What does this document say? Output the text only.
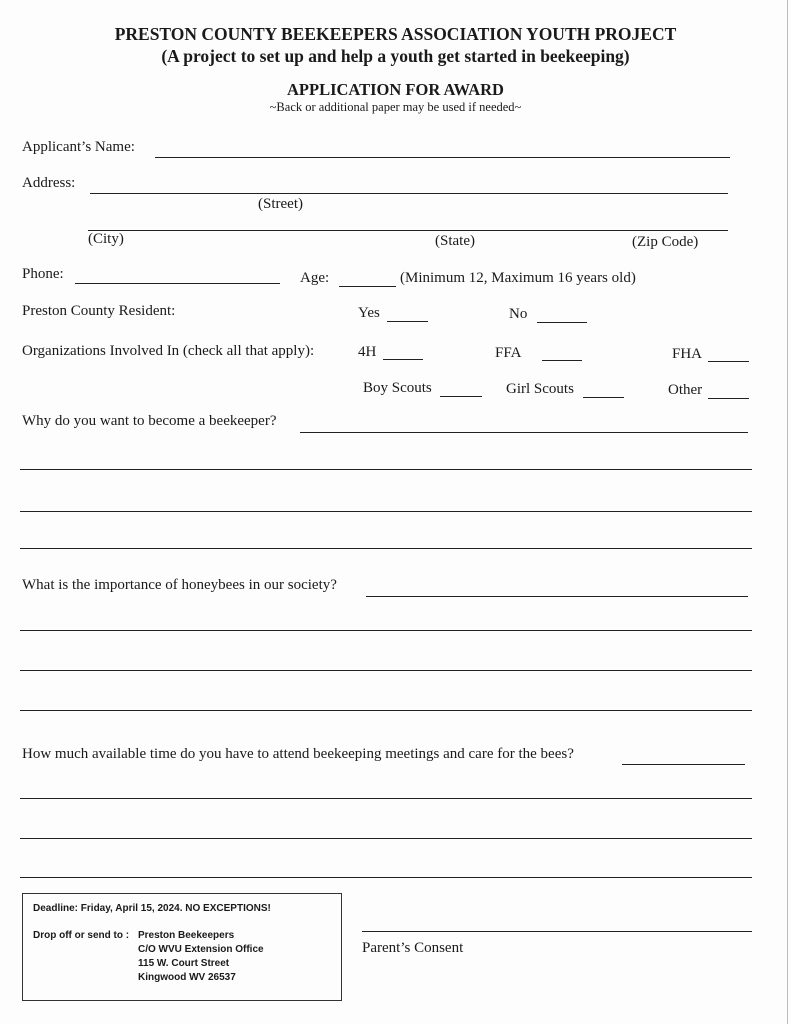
PRESTON COUNTY BEEKEEPERS ASSOCIATION YOUTH PROJECT
(A project to set up and help a youth get started in beekeeping)
APPLICATION FOR AWARD
~Back or additional paper may be used if needed~
Applicant’s Name:
Address:
(Street)
(City)	(State)	(Zip Code)
Phone:	Age:	(Minimum 12, Maximum 16 years old)
Preston County Resident:	Yes	No
Organizations Involved In (check all that apply):	4H	FFA	FHA
Boy Scouts	Girl Scouts	Other
Why do you want to become a beekeeper?
What is the importance of honeybees in our society?
How much available time do you have to attend beekeeping meetings and care for the bees?
Deadline: Friday, April 15, 2024. NO EXCEPTIONS!
Drop off or send to : Preston Beekeepers
C/O WVU Extension Office
115 W. Court Street
Kingwood WV 26537
Parent’s Consent
